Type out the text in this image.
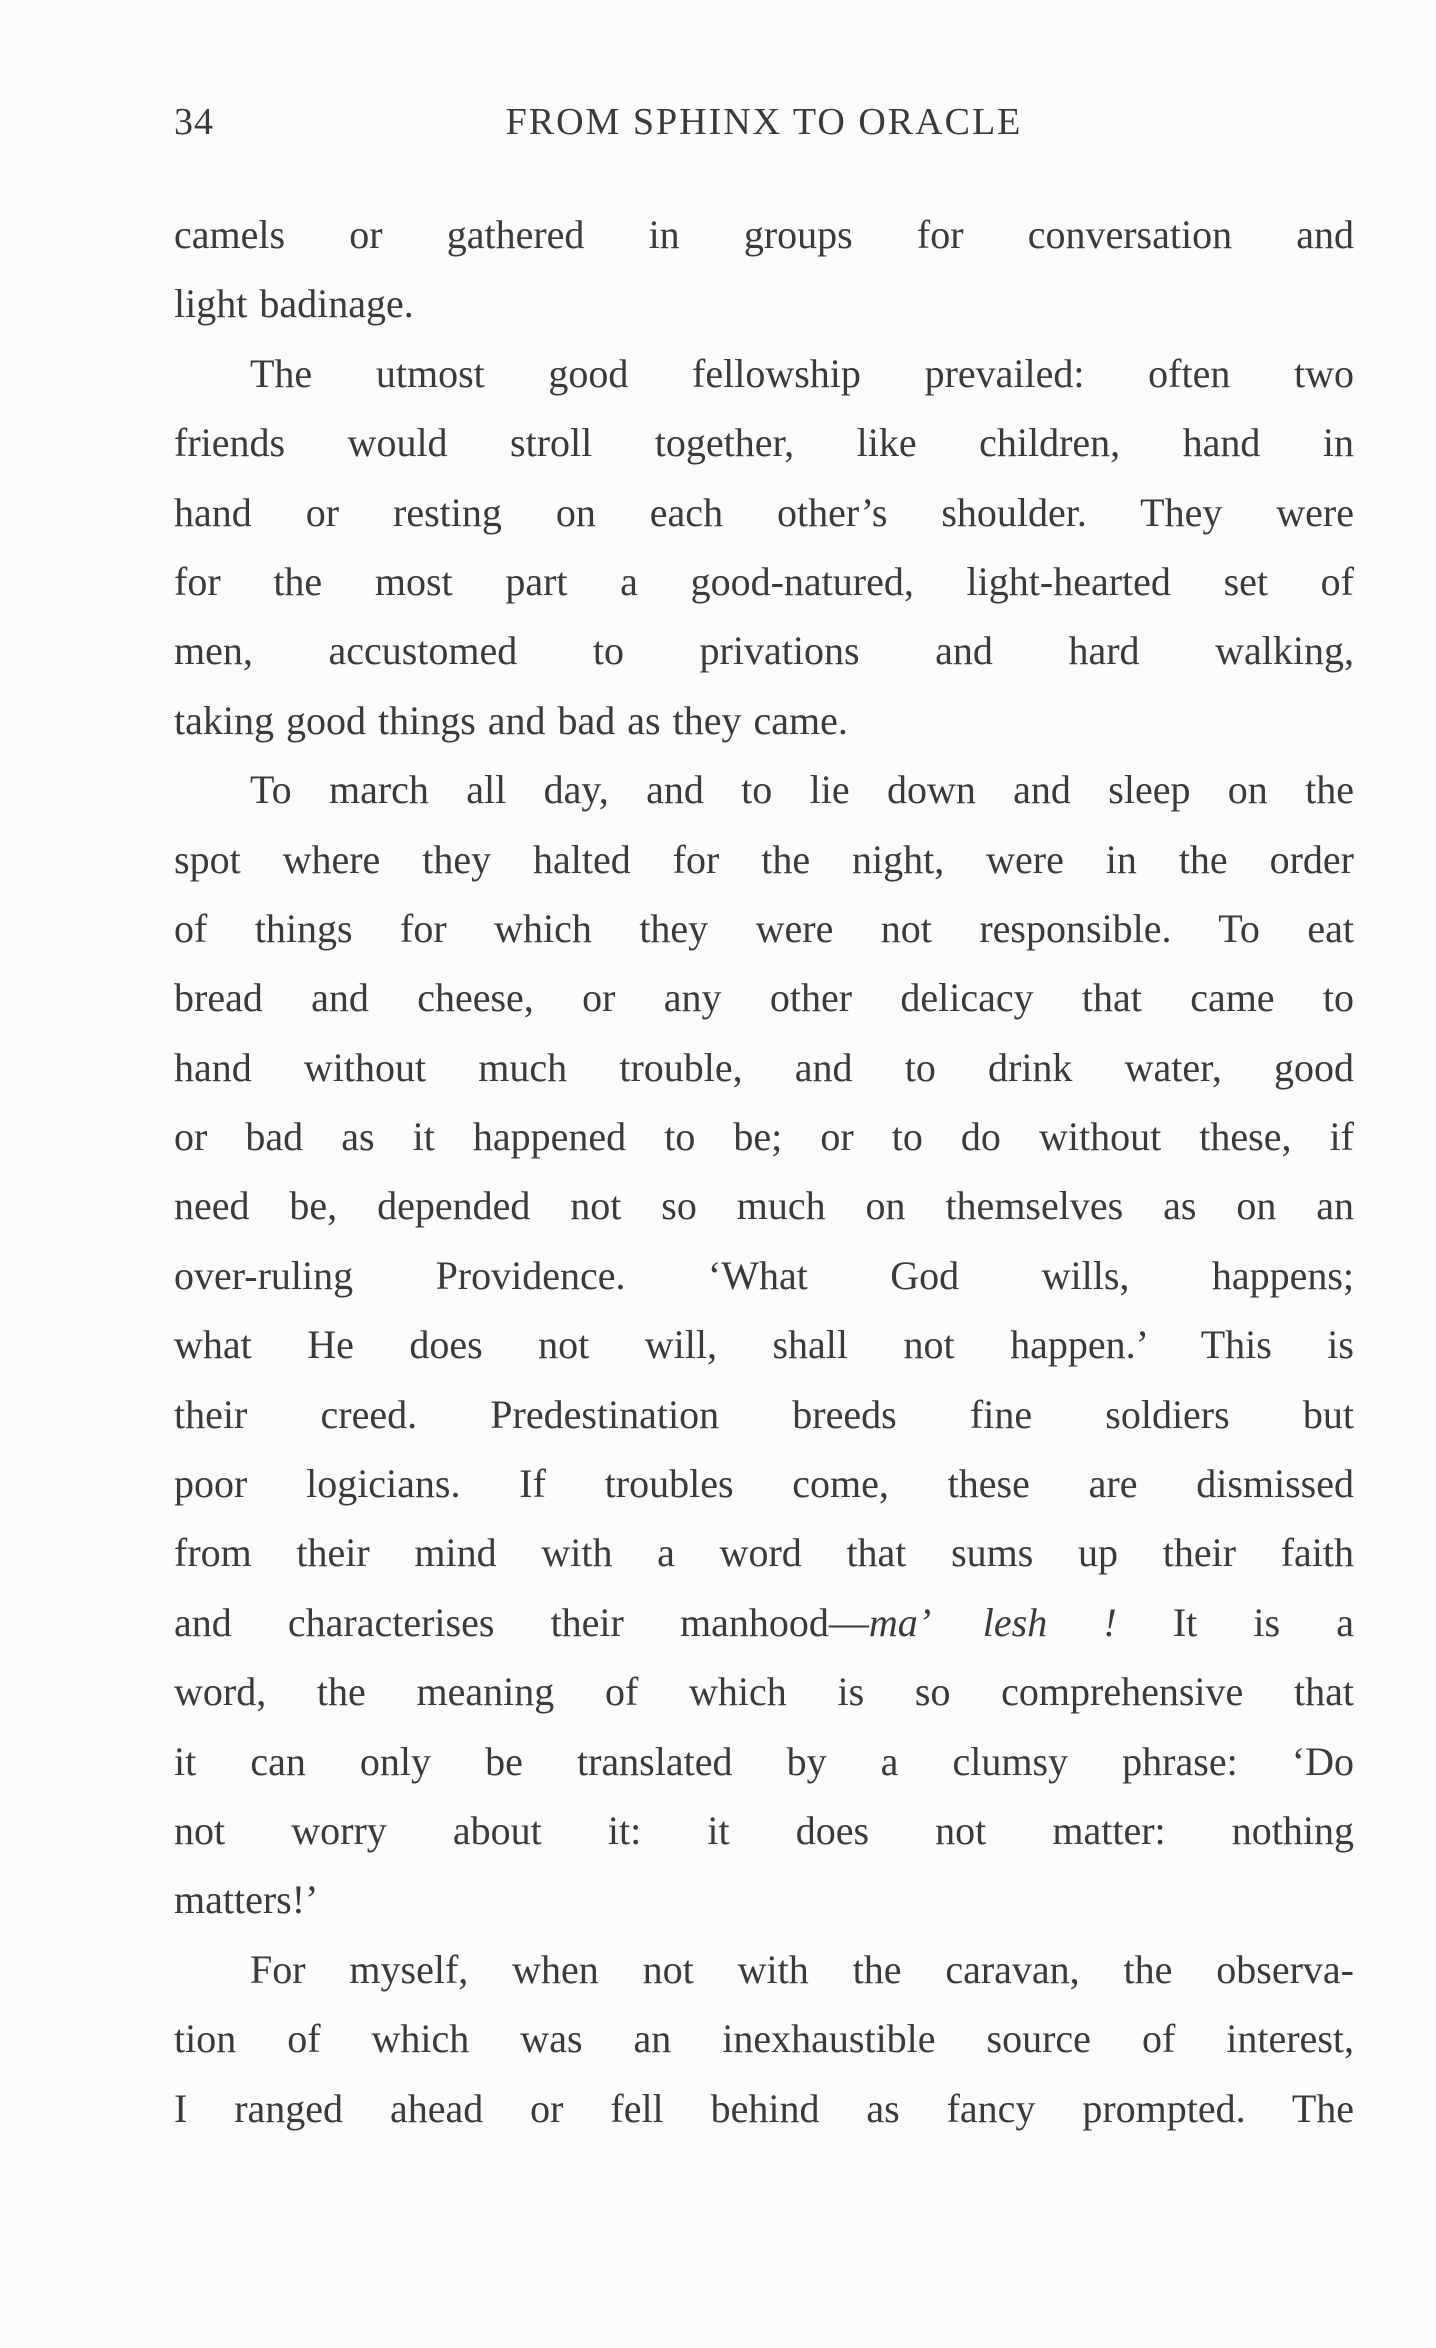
34	FROM SPHINX TO ORACLE
camels or gathered in groups for conversation and
light badinage.
The utmost good fellowship prevailed: often two
friends would stroll together, like children, hand in
hand or resting on each other’s shoulder. They were
for the most part a good-natured, light-hearted set of
men, accustomed to privations and hard walking,
taking good things and bad as they came.
To march all day, and to lie down and sleep on the
spot where they halted for the night, were in the order
of things for which they were not responsible. To eat
bread and cheese, or any other delicacy that came to
hand without much trouble, and to drink water, good
or bad as it happened to be; or to do without these, if
need be, depended not so much on themselves as on an
over-ruling Providence. ‘What God wills, happens;
what He does not will, shall not happen.’ This is
their creed. Predestination breeds fine soldiers but
poor logicians. If troubles come, these are dismissed
from their mind with a word that sums up their faith
and characterises their manhood—ma’ lesh ! It is a
word, the meaning of which is so comprehensive that
it can only be translated by a clumsy phrase: ‘Do
not worry about it: it does not matter: nothing
matters!’
For myself, when not with the caravan, the observa-
tion of which was an inexhaustible source of interest,
I ranged ahead or fell behind as fancy prompted. The
